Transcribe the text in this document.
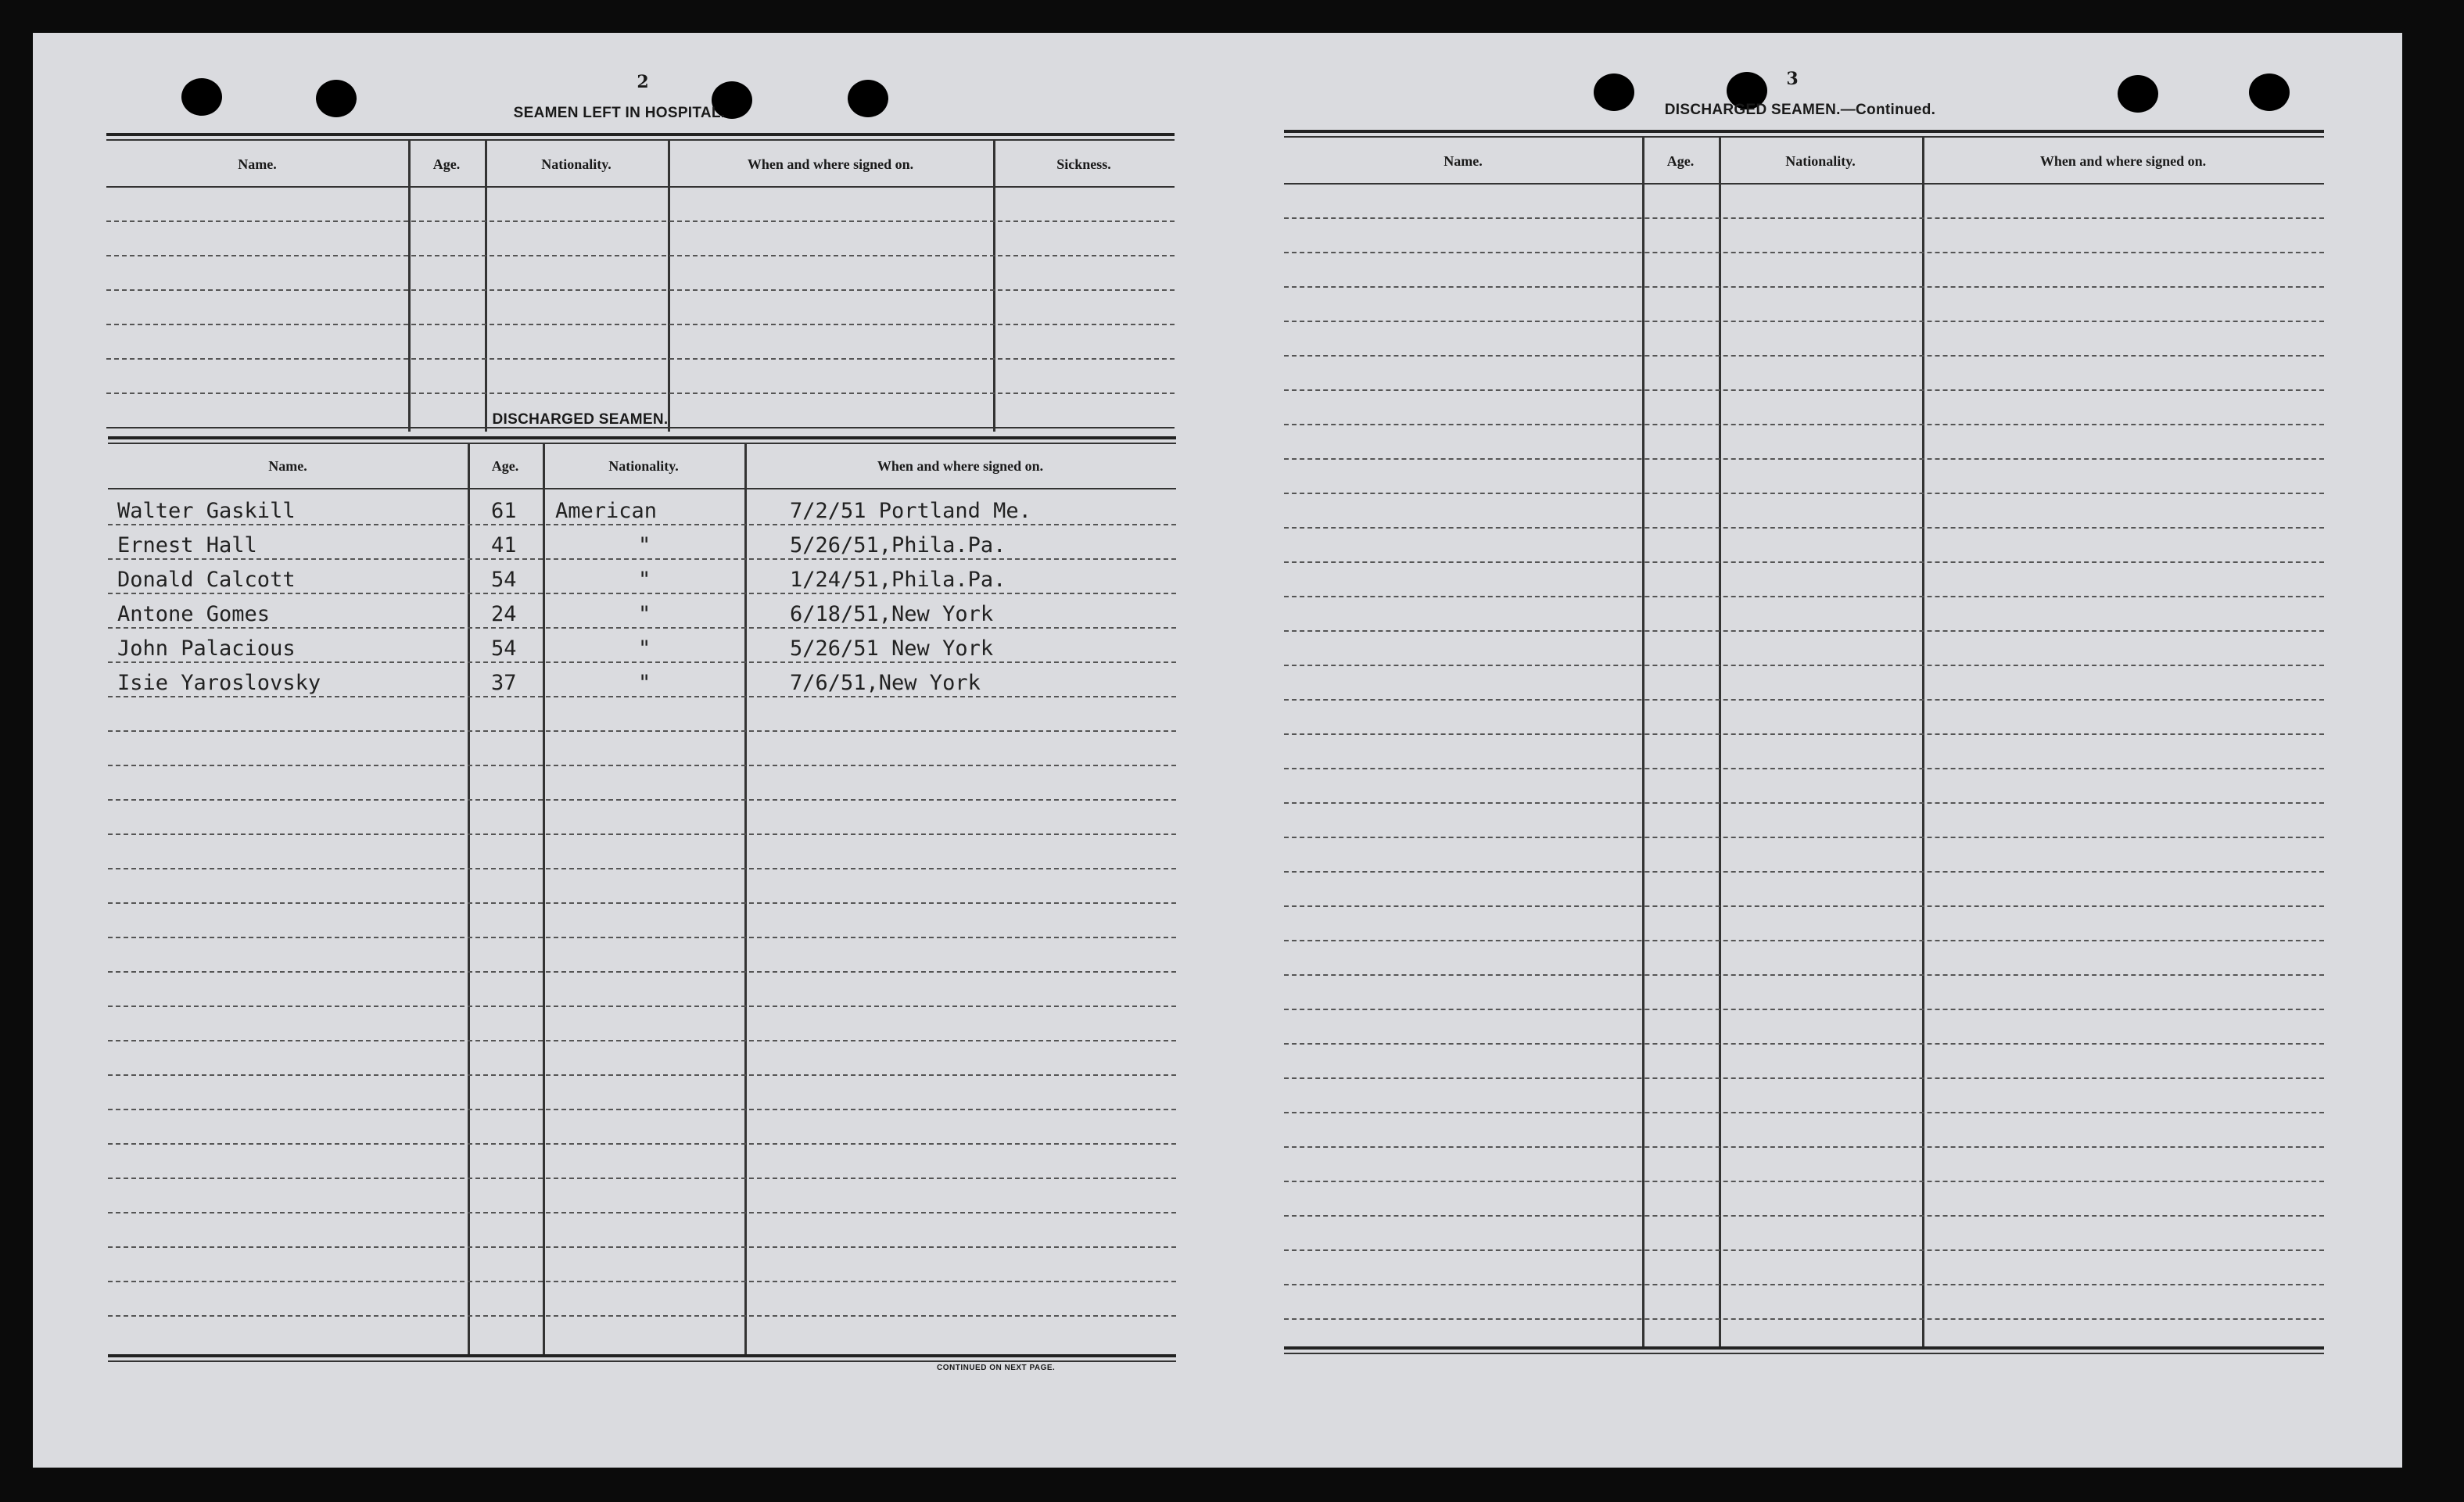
2
SEAMEN LEFT IN HOSPITAL.
Name.	Age.	Nationality.	When and where signed on.	Sickness.
DISCHARGED SEAMEN.
Name.	Age.	Nationality.	When and where signed on.
Walter Gaskill	61 American	7/2/51 Portland Me.
Ernest Hall	41	"	5/26/51,Phila.Pa.
Donald Calcott	54	"	1/24/51,Phila.Pa.
Antone Gomes	24	"	6/18/51,New York
John Palacious	54	"	5/26/51 New York
Isie Yaroslovsky	37	"	7/6/51,New York
CONTINUED ON NEXT PAGE.
3
DISCHARGED SEAMEN.—Continued.
Name.	Age.	Nationality.	When and where signed on.
